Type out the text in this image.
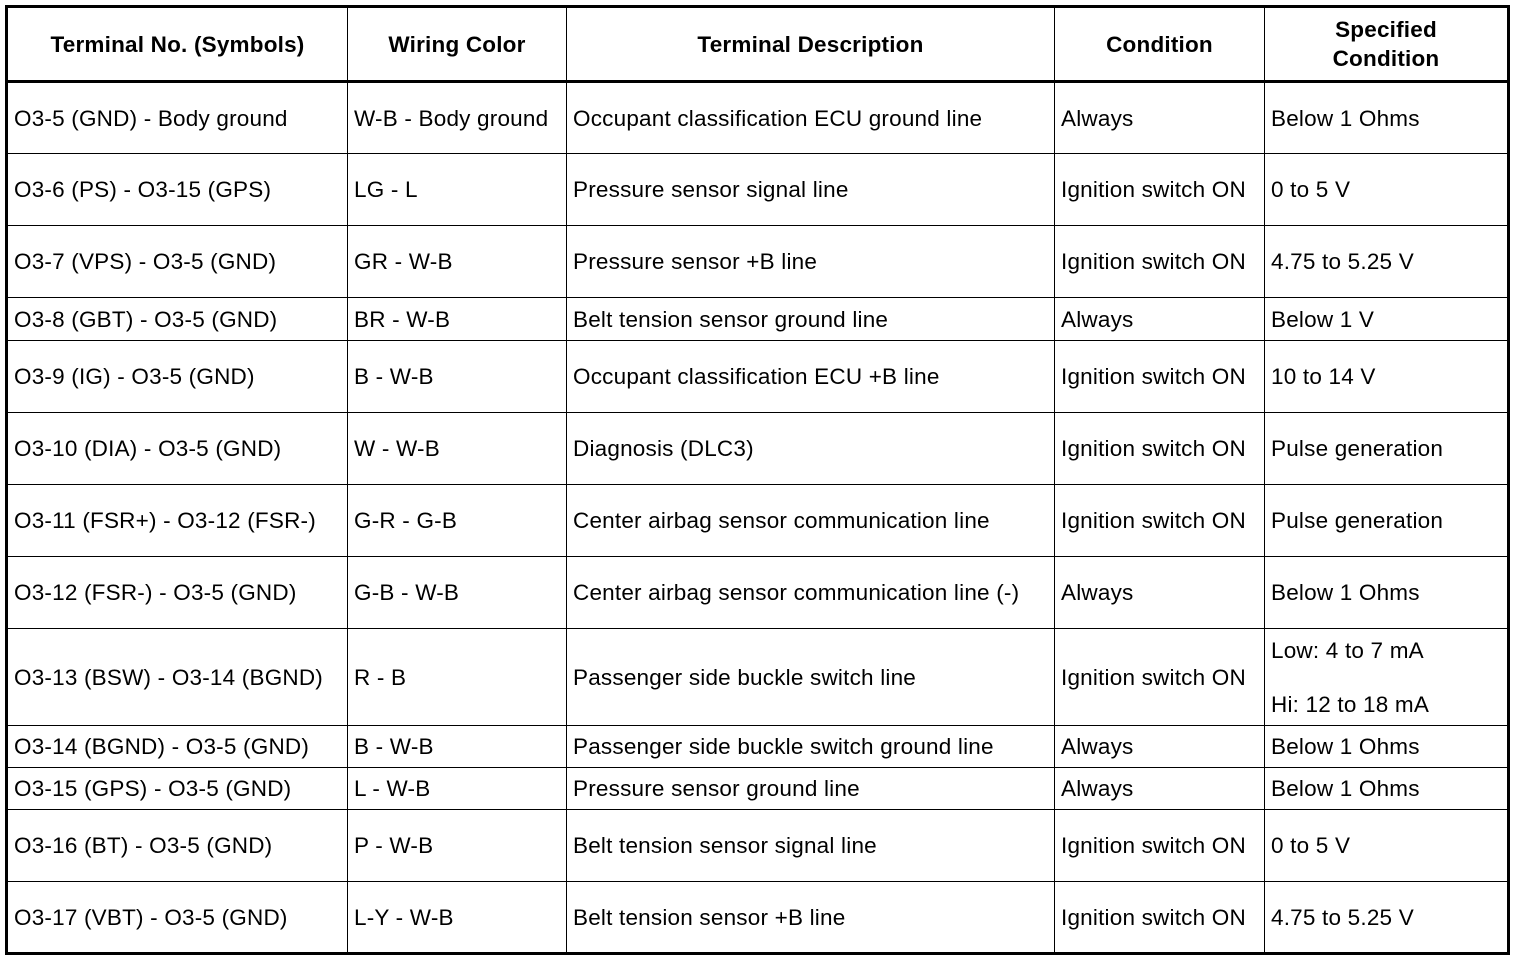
Terminal No. (Symbols)	Wiring Color	Terminal Description	Condition	Specified Condition
O3-5 (GND) - Body ground	W-B - Body ground	Occupant classification ECU ground line	Always	Below 1 Ohms
O3-6 (PS) - O3-15 (GPS)	LG - L	Pressure sensor signal line	Ignition switch ON	0 to 5 V
O3-7 (VPS) - O3-5 (GND)	GR - W-B	Pressure sensor +B line	Ignition switch ON	4.75 to 5.25 V
O3-8 (GBT) - O3-5 (GND)	BR - W-B	Belt tension sensor ground line	Always	Below 1 V
O3-9 (IG) - O3-5 (GND)	B - W-B	Occupant classification ECU +B line	Ignition switch ON	10 to 14 V
O3-10 (DIA) - O3-5 (GND)	W - W-B	Diagnosis (DLC3)	Ignition switch ON	Pulse generation
O3-11 (FSR+) - O3-12 (FSR-)	G-R - G-B	Center airbag sensor communication line	Ignition switch ON	Pulse generation
O3-12 (FSR-) - O3-5 (GND)	G-B - W-B	Center airbag sensor communication line (-)	Always	Below 1 Ohms
O3-13 (BSW) - O3-14 (BGND)	R - B	Passenger side buckle switch line	Ignition switch ON	Low: 4 to 7 mA
Hi: 12 to 18 mA

O3-14 (BGND) - O3-5 (GND)	B - W-B	Passenger side buckle switch ground line	Always	Below 1 Ohms
O3-15 (GPS) - O3-5 (GND)	L - W-B	Pressure sensor ground line	Always	Below 1 Ohms
O3-16 (BT) - O3-5 (GND)	P - W-B	Belt tension sensor signal line	Ignition switch ON	0 to 5 V
O3-17 (VBT) - O3-5 (GND)	L-Y - W-B	Belt tension sensor +B line	Ignition switch ON	4.75 to 5.25 V
